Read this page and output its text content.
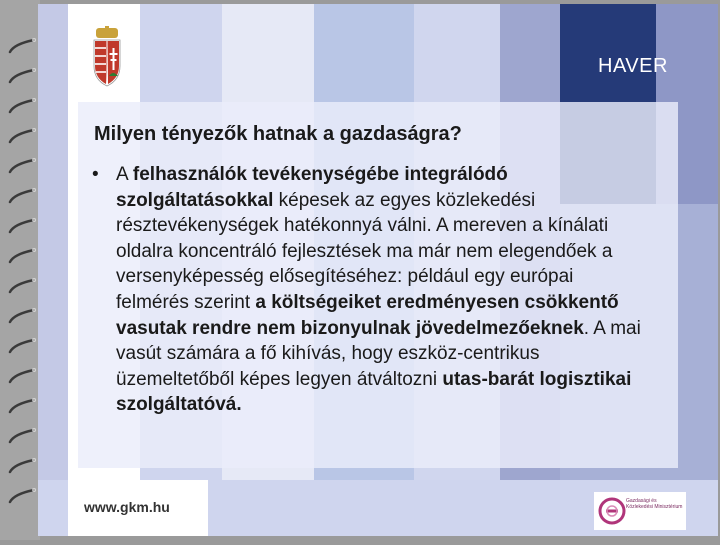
HAVER
Gazdasági és Közlekedési Minisztérium
Milyen tényezők hatnak a gazdaságra?
• A felhasználók tevékenységébe integrálódó szolgáltatásokkal képesek az egyes közlekedési résztevékenységek hatékonnyá válni. A mereven a kínálati oldalra koncentráló fejlesztések ma már nem elegendőek a versenyképesség elősegítéséhez: például egy európai felmérés szerint a költségeiket eredményesen csökkentő vasutak rendre nem bizonyulnak jövedelmezőeknek. A mai vasút számára a fő kihívás, hogy eszköz-centrikus üzemeltetőből képes legyen átváltozni utas-barát logisztikai szolgáltatóvá.
www.gkm.hu
